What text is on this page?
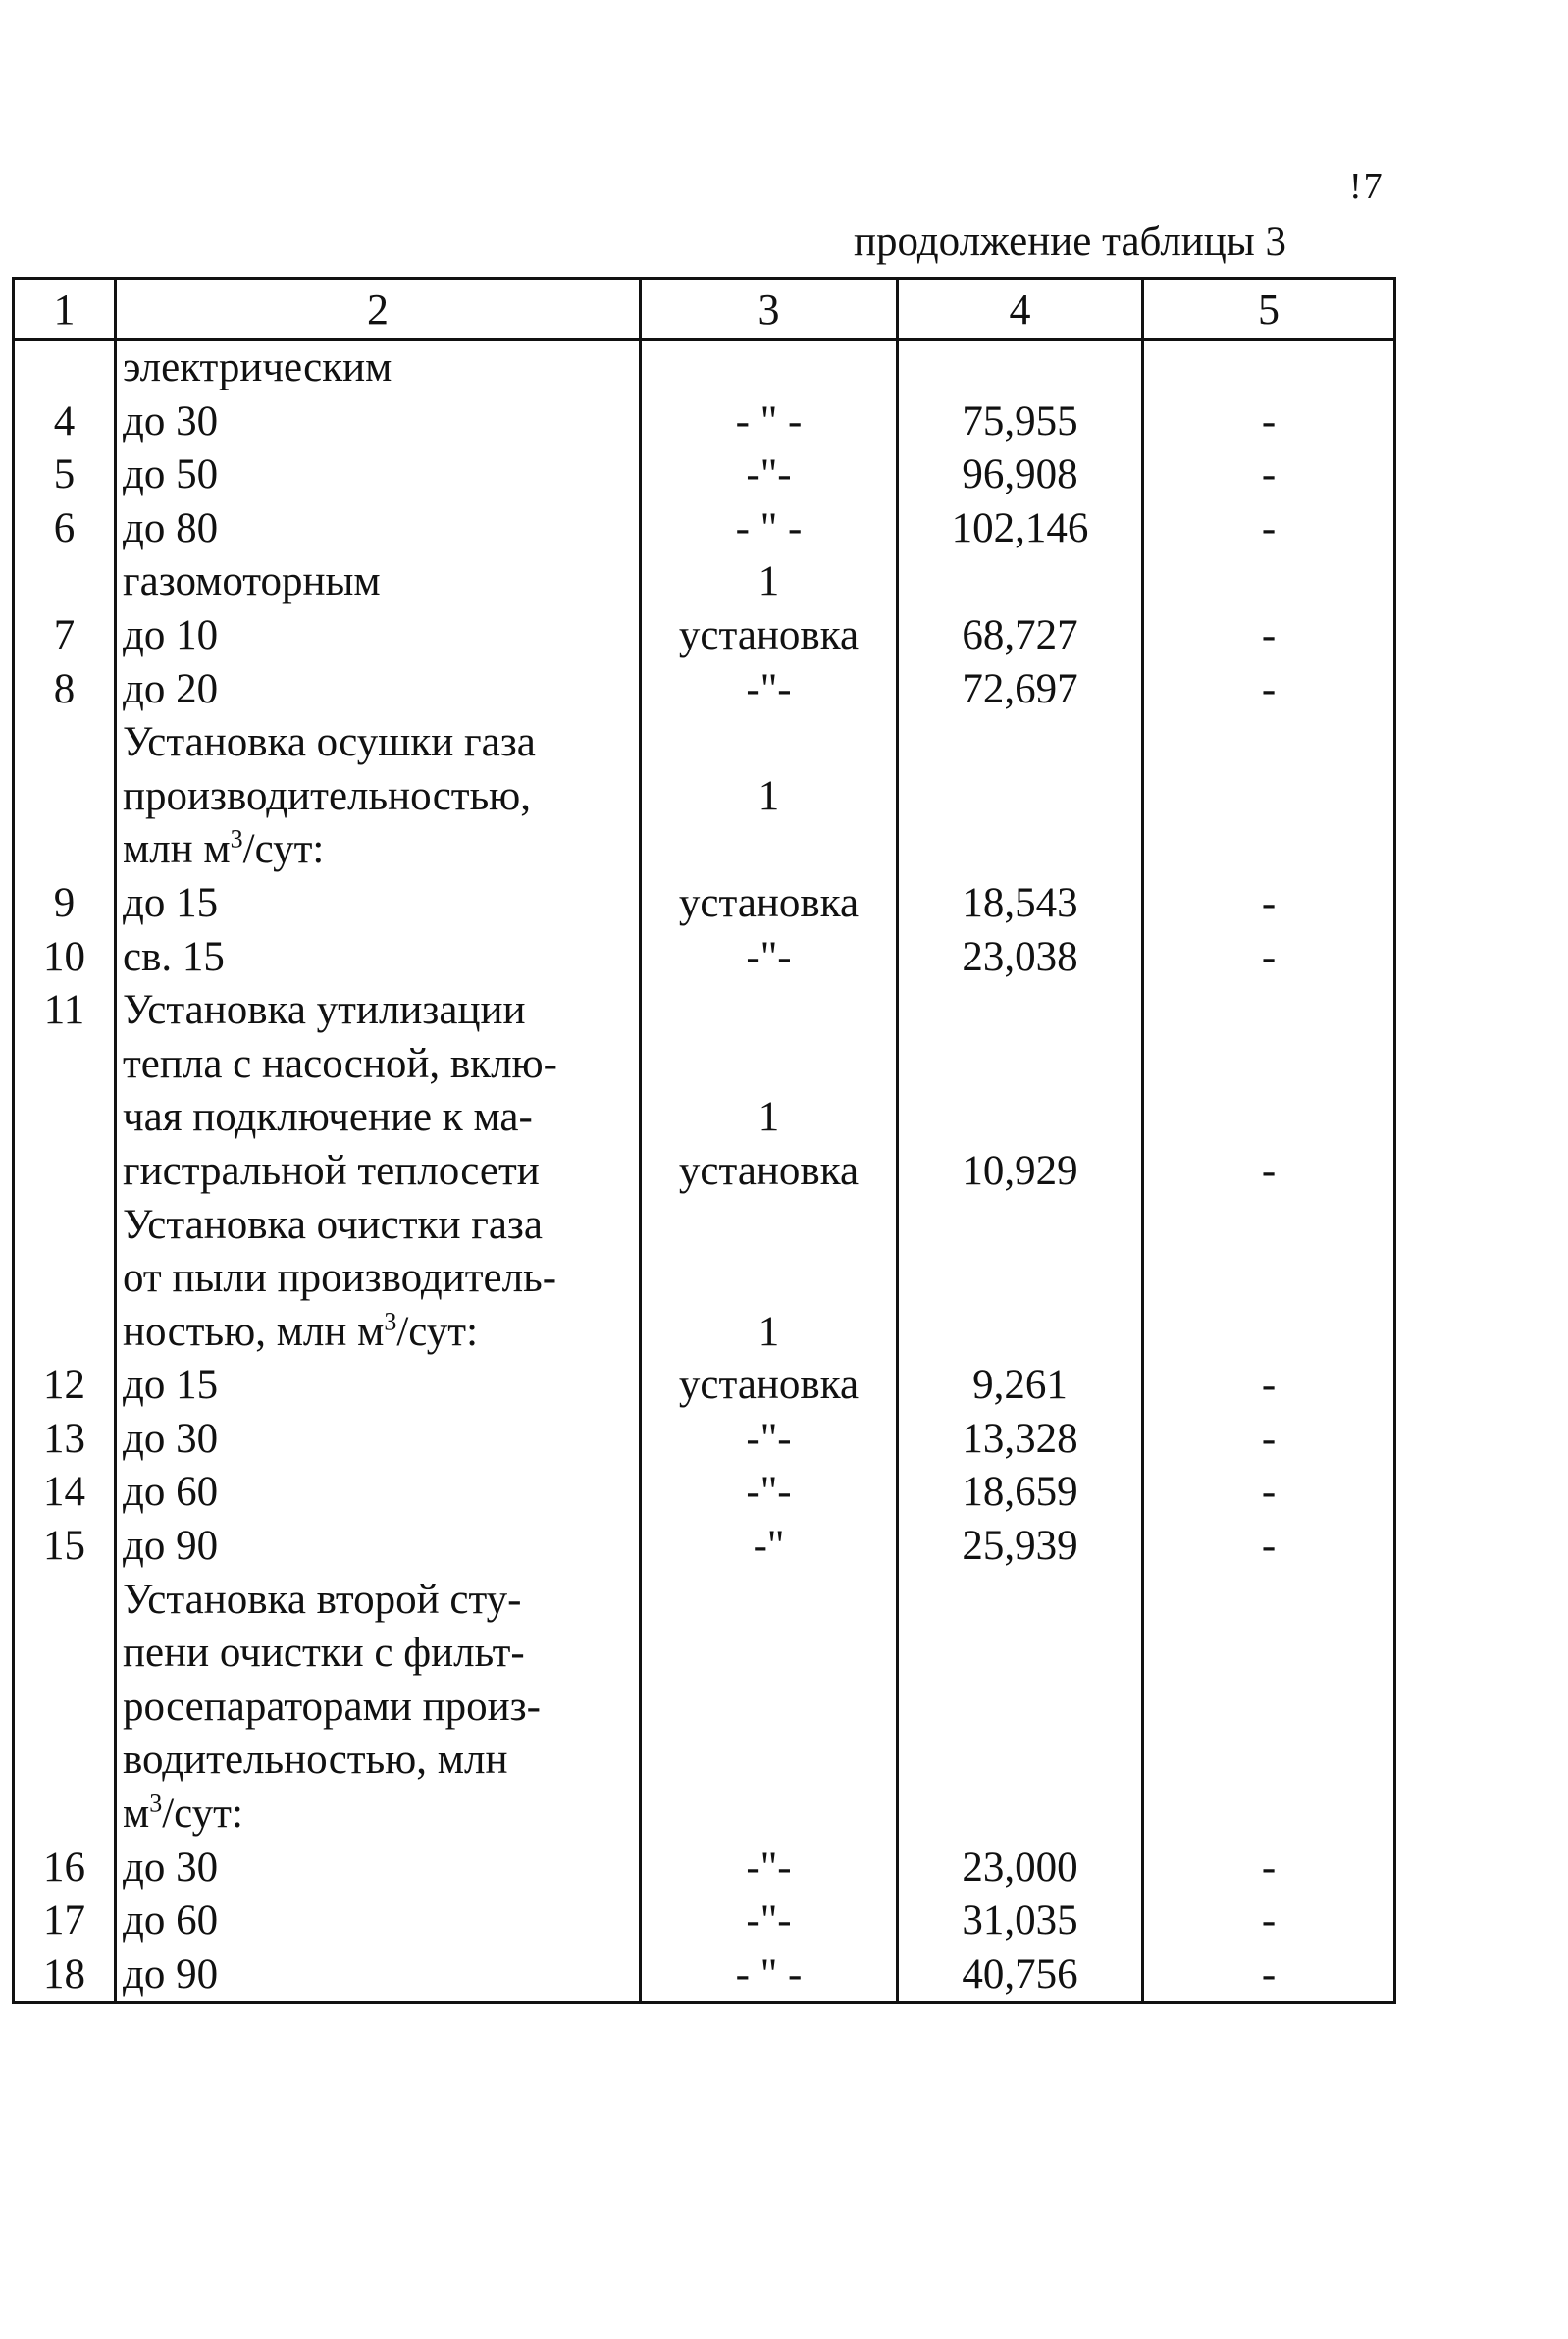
!7
продолжение таблицы 3
1	2	3	4	5
	электрическим			
4	до 30	- " -	75,955	-
5	до 50	-"-	96,908	-
6	до 80	- " -	102,146	-
	газомоторным	1		
7	до 10	установка	68,727	-
8	до 20	-"-	72,697	-
	Установка осушки газа			
	производительностью,	1		
	млн $м^3$/сут:			
9	до 15	установка	18,543	-
10	св. 15	-"-	23,038	-
11	Установка утилизации			
	тепла с насосной, вклю-			
	чая подключение к ма-	1		
	гистральной теплосети	установка	10,929	-
	Установка очистки газа			
	от пыли производитель-			
	ностью, млн $м^3$/сут:	1		
12	до 15	установка	9,261	-
13	до 30	-"-	13,328	-
14	до 60	-"-	18,659	-
15	до 90	-"	25,939	-
	Установка второй сту-			
	пени очистки с фильт-			
	росепараторами произ-			
	водительностью, млн			
	$м^3$/сут:			
16	до 30	-"-	23,000	-
17	до 60	-"-	31,035	-
18	до 90	- " -	40,756	-
